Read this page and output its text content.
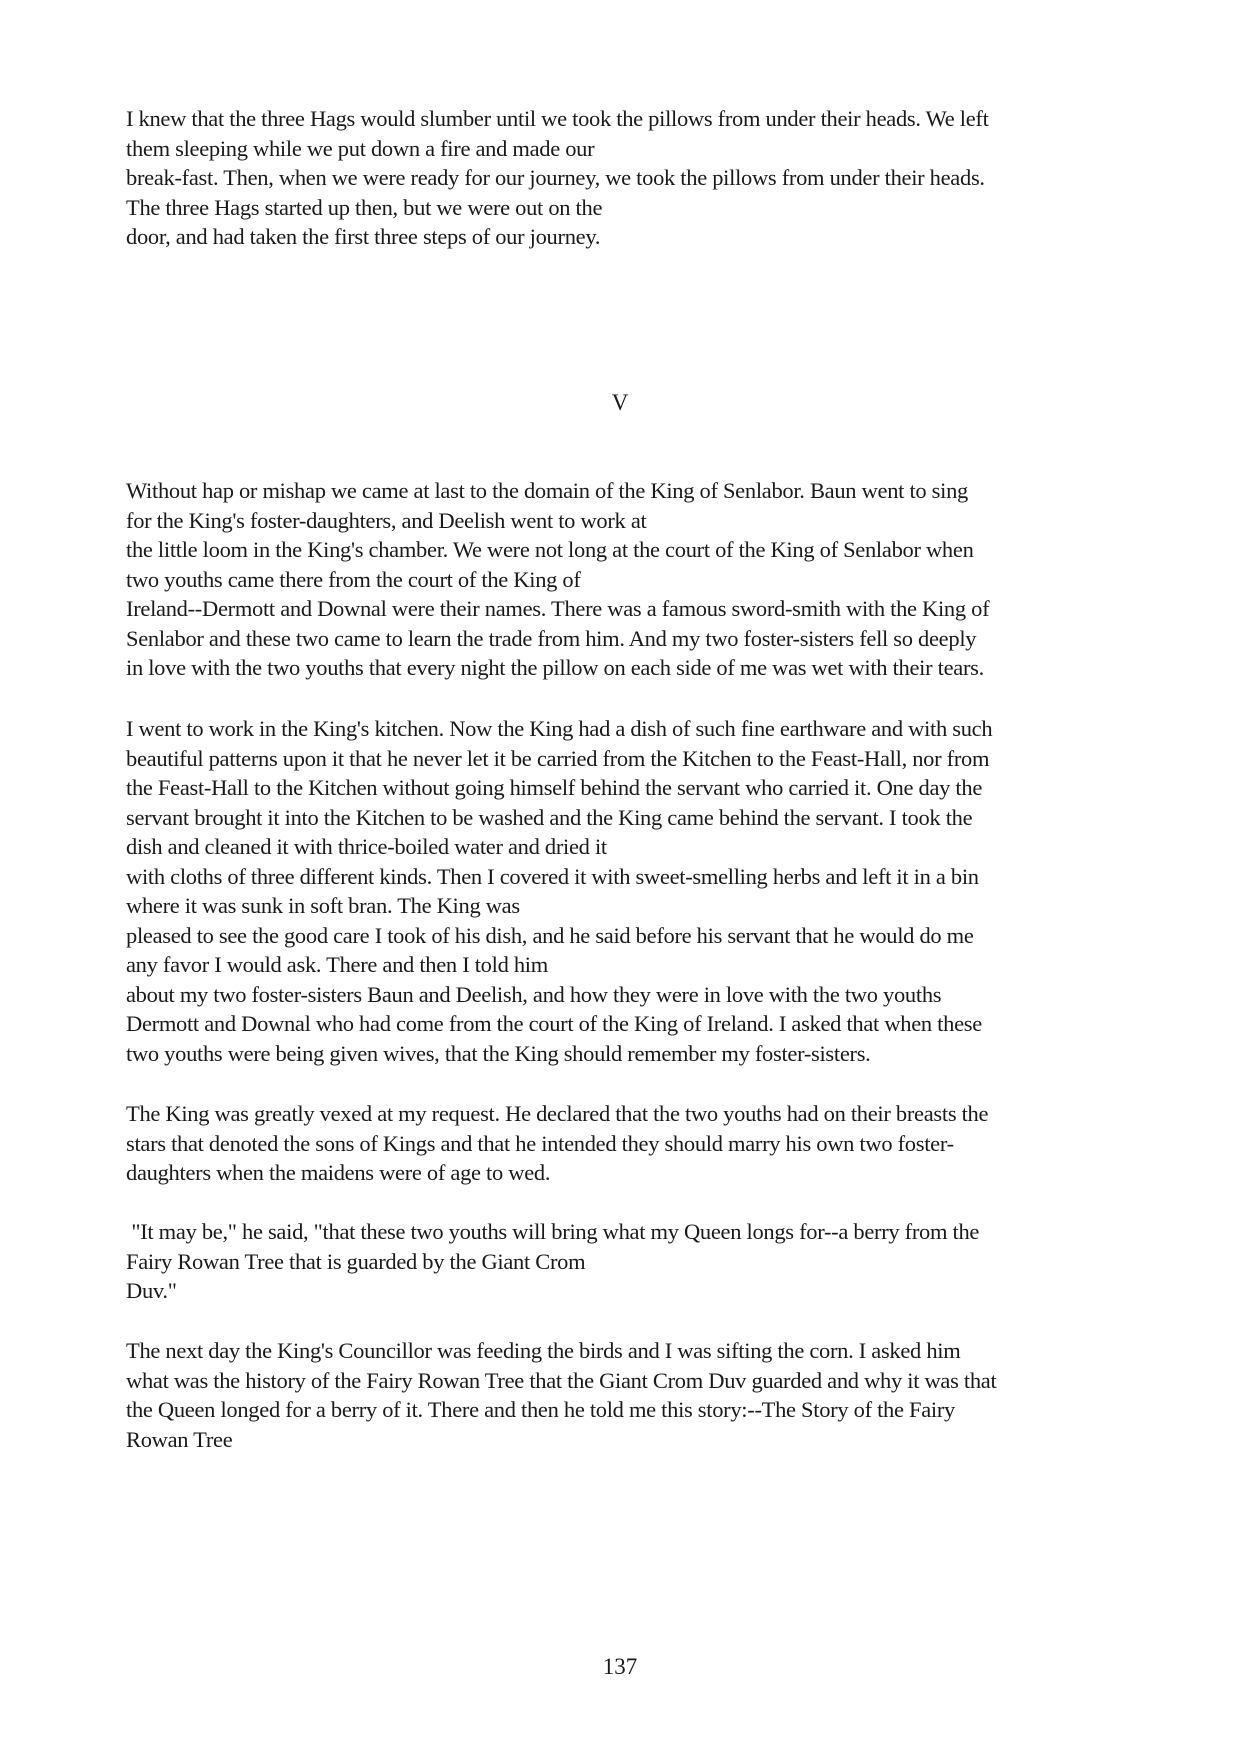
I knew that the three Hags would slumber until we took the pillows from under their heads. We left
them sleeping while we put down a fire and made our
break-fast. Then, when we were ready for our journey, we took the pillows from under their heads.
The three Hags started up then, but we were out on the
door, and had taken the first three steps of our journey.

V

Without hap or mishap we came at last to the domain of the King of Senlabor. Baun went to sing
for the King's foster-daughters, and Deelish went to work at
the little loom in the King's chamber. We were not long at the court of the King of Senlabor when
two youths came there from the court of the King of
Ireland--Dermott and Downal were their names. There was a famous sword-smith with the King of
Senlabor and these two came to learn the trade from him. And my two foster-sisters fell so deeply
in love with the two youths that every night the pillow on each side of me was wet with their tears.

I went to work in the King's kitchen. Now the King had a dish of such fine earthware and with such
beautiful patterns upon it that he never let it be carried from the Kitchen to the Feast-Hall, nor from
the Feast-Hall to the Kitchen without going himself behind the servant who carried it. One day the
servant brought it into the Kitchen to be washed and the King came behind the servant. I took the
dish and cleaned it with thrice-boiled water and dried it
with cloths of three different kinds. Then I covered it with sweet-smelling herbs and left it in a bin
where it was sunk in soft bran. The King was
pleased to see the good care I took of his dish, and he said before his servant that he would do me
any favor I would ask. There and then I told him
about my two foster-sisters Baun and Deelish, and how they were in love with the two youths
Dermott and Downal who had come from the court of the King of Ireland. I asked that when these
two youths were being given wives, that the King should remember my foster-sisters.

The King was greatly vexed at my request. He declared that the two youths had on their breasts the
stars that denoted the sons of Kings and that he intended they should marry his own two foster-
daughters when the maidens were of age to wed.

"It may be," he said, "that these two youths will bring what my Queen longs for--a berry from the
Fairy Rowan Tree that is guarded by the Giant Crom
Duv."

The next day the King's Councillor was feeding the birds and I was sifting the corn. I asked him
what was the history of the Fairy Rowan Tree that the Giant Crom Duv guarded and why it was that
the Queen longed for a berry of it. There and then he told me this story:--The Story of the Fairy
Rowan Tree

137
